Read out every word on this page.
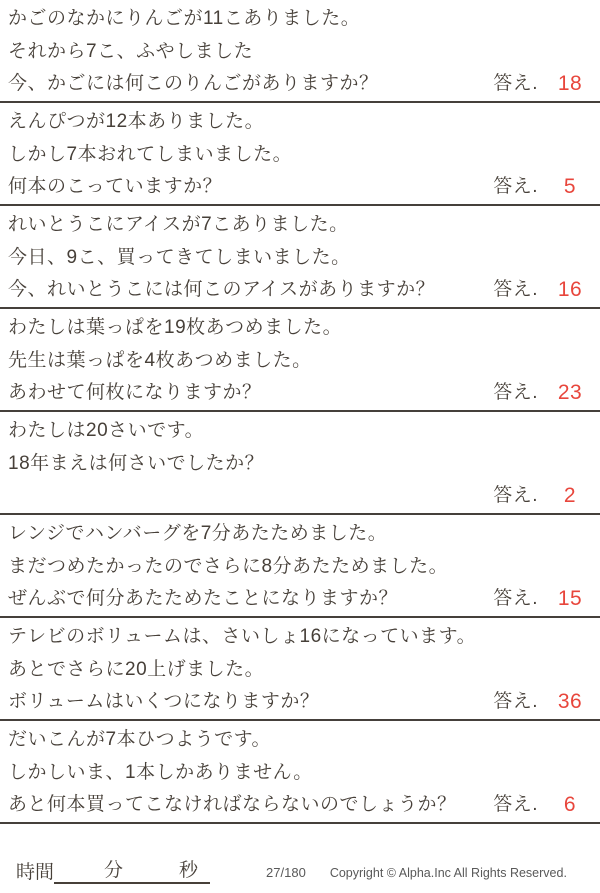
かごのなかにりんごが11こありました。
それから7こ、ふやしました
今、かごには何このりんごがありますか？	答え. 18
えんぴつが12本ありました。
しかし7本おれてしまいました。
何本のこっていますか？	答え.	5
れいとうこにアイスが7こありました。
今日、9こ、買ってきてしまいました。
今、れいとうこには何このアイスがありますか？	答え. 16
わたしは葉っぱを19枚あつめました。
先生は葉っぱを4枚あつめました。
あわせて何枚になりますか？	答え. 23
わたしは20さいです。
18年まえは何さいでしたか？
答え.	2
レンジでハンバーグを7分あたためました。
まだつめたかったのでさらに8分あたためました。
ぜんぶで何分あたためたことになりますか？	答え. 15
テレビのボリュームは、さいしょ16になっています。
あとでさらに20上げました。
ボリュームはいくつになりますか？	答え. 36
だいこんが7本ひつようです。
しかしいま、1本しかありません。
あと何本買ってこなければならないのでしょうか？ 答え.	6
時間	分	秒	27/180 Copyright © Alpha.Inc All Rights Reserved.
